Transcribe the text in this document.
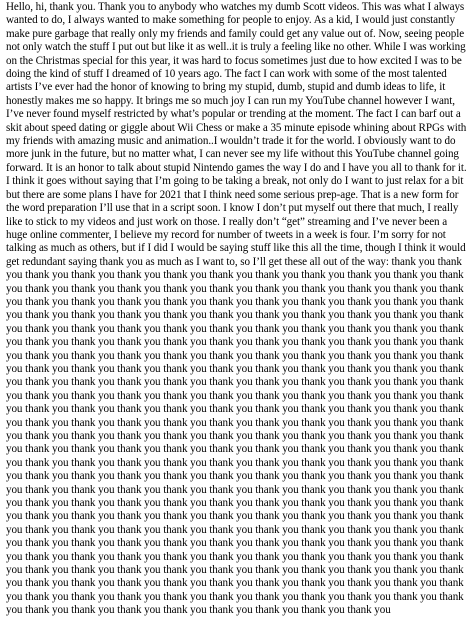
Hello, hi, thank you. Thank you to anybody who watches my dumb Scott videos. This was what I always wanted to do, I always wanted to make something for people to enjoy. As a kid, I would just constantly make pure garbage that really only my friends and family could get any value out of. Now, seeing people not only watch the stuff I put out but like it as well..it is truly a feeling like no other. While I was working on the Christmas special for this year, it was hard to focus sometimes just due to how excited I was to be doing the kind of stuff I dreamed of 10 years ago. The fact I can work with some of the most talented artists I’ve ever had the honor of knowing to bring my stupid, dumb, stupid and dumb ideas to life, it honestly makes me so happy. It brings me so much joy I can run my YouTube channel however I want, I’ve never found myself restricted by what’s popular or trending at the moment. The fact I can barf out a skit about speed dating or giggle about Wii Chess or make a 35 minute episode whining about RPGs with my friends with amazing music and animation..I wouldn’t trade it for the world. I obviously want to do more junk in the future, but no matter what, I can never see my life without this YouTube channel going forward. It is an honor to talk about stupid Nintendo games the way I do and I have you all to thank for it. I think it goes without saying that I’m going to be taking a break, not only do I want to just relax for a bit but there are some plans I have for 2021 that I think need some serious prep-age. That is a new form for the word preparation I’ll use that in a script soon. I know I don’t put myself out there that much, I really like to stick to my videos and just work on those. I really don’t “get” streaming and I’ve never been a huge online commenter, I believe my record for number of tweets in a week is four. I’m sorry for not talking as much as others, but if I did I would be saying stuff like this all the time, though I think it would get redundant saying thank you as much as I want to, so I’ll get these all out of the way: thank you thank you thank you thank you thank you thank you thank you thank you thank you thank you thank you thank you thank you thank you thank you thank you thank you thank you thank you thank you thank you thank you thank you thank you thank you thank you thank you thank you thank you thank you thank you thank you thank you thank you thank you thank you thank you thank you thank you thank you thank you thank you thank you thank you thank you thank you thank you thank you thank you thank you thank you thank you thank you thank you thank you thank you thank you thank you thank you thank you thank you thank you thank you thank you thank you thank you thank you thank you thank you thank you thank you thank you thank you thank you thank you thank you thank you thank you thank you thank you thank you thank you thank you thank you thank you thank you thank you thank you thank you thank you thank you thank you thank you thank you thank you thank you thank you thank you thank you thank you thank you thank you thank you thank you thank you thank you thank you thank you thank you thank you thank you thank you thank you thank you thank you thank you thank you thank you thank you thank you thank you thank you thank you thank you thank you thank you thank you thank you thank you thank you thank you thank you thank you thank you thank you thank you thank you thank you thank you thank you thank you thank you thank you thank you thank you thank you thank you thank you thank you thank you thank you thank you thank you thank you thank you thank you thank you thank you thank you thank you thank you thank you thank you thank you thank you thank you thank you thank you thank you thank you thank you thank you thank you thank you thank you thank you thank you thank you thank you thank you thank you thank you thank you thank you thank you thank you thank you thank you thank you thank you thank you thank you thank you thank you thank you thank you thank you thank you thank you thank you thank you thank you thank you thank you thank you thank you thank you thank you thank you thank you thank you thank you thank you thank you thank you thank you thank you thank you thank you thank you thank you thank you thank you thank you thank you thank you thank you thank you thank you thank you thank you thank you thank you thank you thank you thank you thank you thank you thank you thank you thank you thank you thank you thank you thank you thank you thank you thank you thank you thank you thank you thank you thank you thank you thank you thank you thank you thank you thank you thank you
